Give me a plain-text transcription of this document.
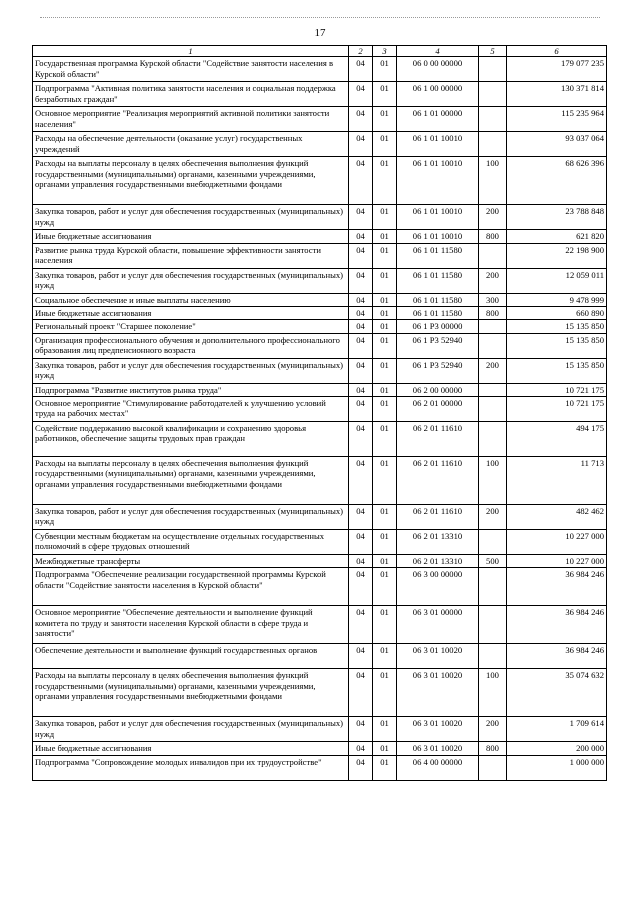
17
1	2	3	4	5	6
Государственная программа Курской области "Содействие занятости населения в Курской области"	04	01	06 0 00 00000		179 077 235
Подпрограмма "Активная политика занятости населения и социальная поддержка безработных граждан"	04	01	06 1 00 00000		130 371 814
Основное мероприятие "Реализация мероприятий активной политики занятости населения"	04	01	06 1 01 00000		115 235 964
Расходы на обеспечение деятельности (оказание услуг) государственных учреждений	04	01	06 1 01 10010		93 037 064
Расходы на выплаты персоналу в целях обеспечения выполнения функций государственными (муниципальными) органами, казенными учреждениями, органами управления государственными внебюджетными фондами	04	01	06 1 01 10010	100	68 626 396
Закупка товаров, работ и услуг для обеспечения государственных (муниципальных) нужд	04	01	06 1 01 10010	200	23 788 848
Иные бюджетные ассигнования	04	01	06 1 01 10010	800	621 820
Развитие рынка труда Курской области, повышение эффективности занятости населения	04	01	06 1 01 11580		22 198 900
Закупка товаров, работ и услуг для обеспечения государственных (муниципальных) нужд	04	01	06 1 01 11580	200	12 059 011
Социальное обеспечение и иные выплаты населению	04	01	06 1 01 11580	300	9 478 999
Иные бюджетные ассигнования	04	01	06 1 01 11580	800	660 890
Региональный проект "Старшее поколение"	04	01	06 1 P3 00000		15 135 850
Организация профессионального обучения и дополнительного профессионального образования лиц предпенсионного возраста	04	01	06 1 P3 52940		15 135 850
Закупка товаров, работ и услуг для обеспечения государственных (муниципальных) нужд	04	01	06 1 P3 52940	200	15 135 850
Подпрограмма "Развитие институтов рынка труда"	04	01	06 2 00 00000		10 721 175
Основное мероприятие "Стимулирование работодателей к улучшению условий труда на рабочих местах"	04	01	06 2 01 00000		10 721 175
Содействие поддержанию высокой квалификации и сохранению здоровья работников, обеспечение защиты трудовых прав граждан	04	01	06 2 01 11610		494 175
Расходы на выплаты персоналу в целях обеспечения выполнения функций государственными (муниципальными) органами, казенными учреждениями, органами управления государственными внебюджетными фондами	04	01	06 2 01 11610	100	11 713
Закупка товаров, работ и услуг для обеспечения государственных (муниципальных) нужд	04	01	06 2 01 11610	200	482 462
Субвенции местным бюджетам на осуществление отдельных государственных полномочий в сфере трудовых отношений	04	01	06 2 01 13310		10 227 000
Межбюджетные трансферты	04	01	06 2 01 13310	500	10 227 000
Подпрограмма "Обеспечение реализации государственной программы Курской области "Содействие занятости населения в Курской области"	04	01	06 3 00 00000		36 984 246
Основное мероприятие "Обеспечение деятельности и выполнение функций комитета по труду и занятости населения Курской области в сфере труда и занятости"	04	01	06 3 01 00000		36 984 246
Обеспечение деятельности и выполнение функций государственных органов	04	01	06 3 01 10020		36 984 246
Расходы на выплаты персоналу в целях обеспечения выполнения функций государственными (муниципальными) органами, казенными учреждениями, органами управления государственными внебюджетными фондами	04	01	06 3 01 10020	100	35 074 632
Закупка товаров, работ и услуг для обеспечения государственных (муниципальных) нужд	04	01	06 3 01 10020	200	1 709 614
Иные бюджетные ассигнования	04	01	06 3 01 10020	800	200 000
Подпрограмма "Сопровождение молодых инвалидов при их трудоустройстве"	04	01	06 4 00 00000		1 000 000
